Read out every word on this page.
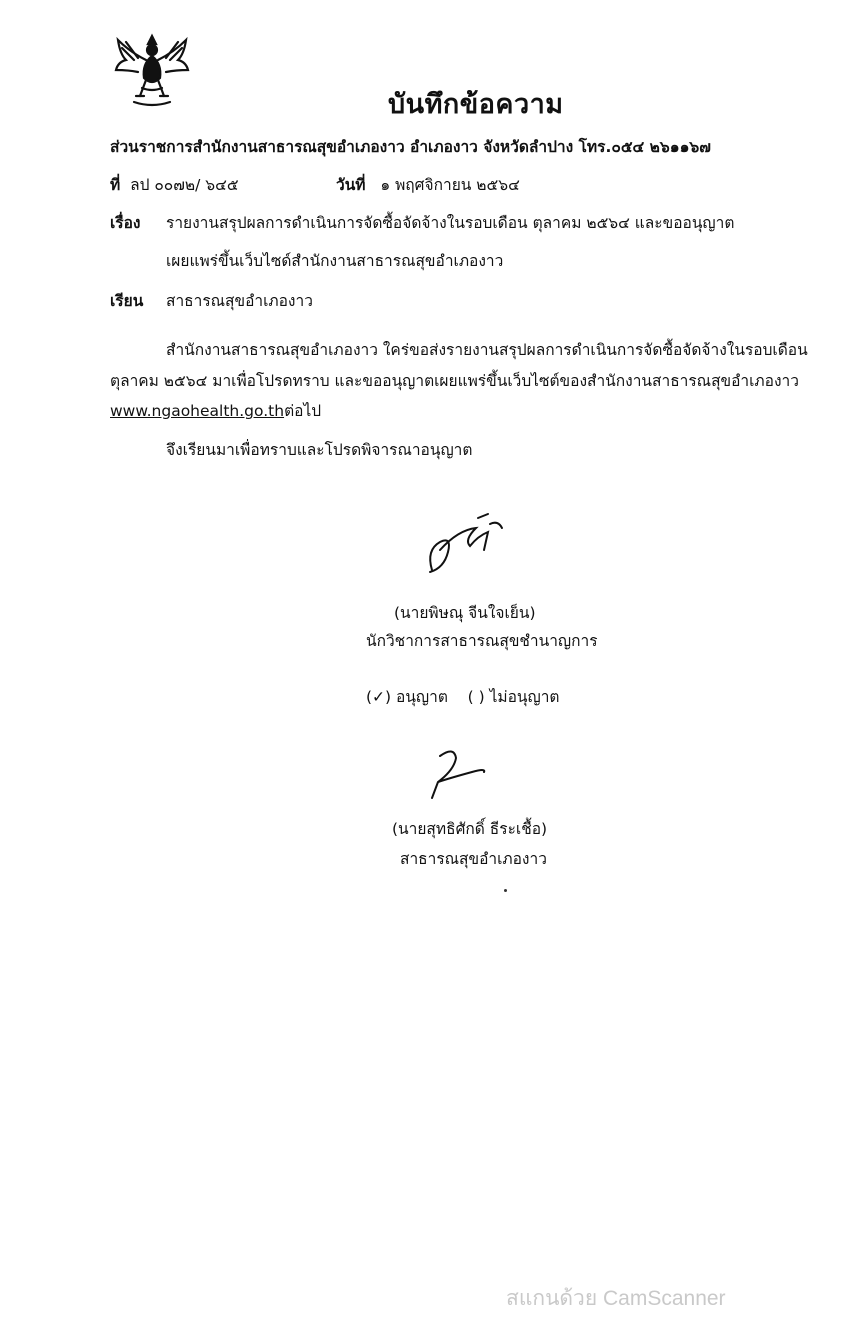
บันทึกข้อความ
ส่วนราชการสำนักงานสาธารณสุขอำเภองาว อำเภองาว จังหวัดลำปาง โทร.๐๕๔ ๒๖๑๑๖๗
ที่ ลป ๐๐๗๒/ ๖๔๕	วันที่ ๑ พฤศจิกายน ๒๕๖๔
เรื่อง รายงานสรุปผลการดำเนินการจัดซื้อจัดจ้างในรอบเดือน ตุลาคม ๒๕๖๔ และขออนุญาต
เผยแพร่ขึ้นเว็บไซด์สำนักงานสาธารณสุขอำเภองาว
เรียน สาธารณสุขอำเภองาว
สำนักงานสาธารณสุขอำเภองาว ใคร่ขอส่งรายงานสรุปผลการดำเนินการจัดซื้อจัดจ้างในรอบเดือน
ตุลาคม ๒๕๖๔ มาเพื่อโปรดทราบ และขออนุญาตเผยแพร่ขึ้นเว็บไซต์ของสำนักงานสาธารณสุขอำเภองาว
www.ngaohealth.go.thต่อไป
จึงเรียนมาเพื่อทราบและโปรดพิจารณาอนุญาต
(นายพิษณุ จีนใจเย็น)
นักวิชาการสาธารณสุขชำนาญการ
(✓) อนุญาต ( ) ไม่อนุญาต
(นายสุทธิศักดิ์ ธีระเชื้อ)
สาธารณสุขอำเภองาว
สแกนด้วย CamScanner
